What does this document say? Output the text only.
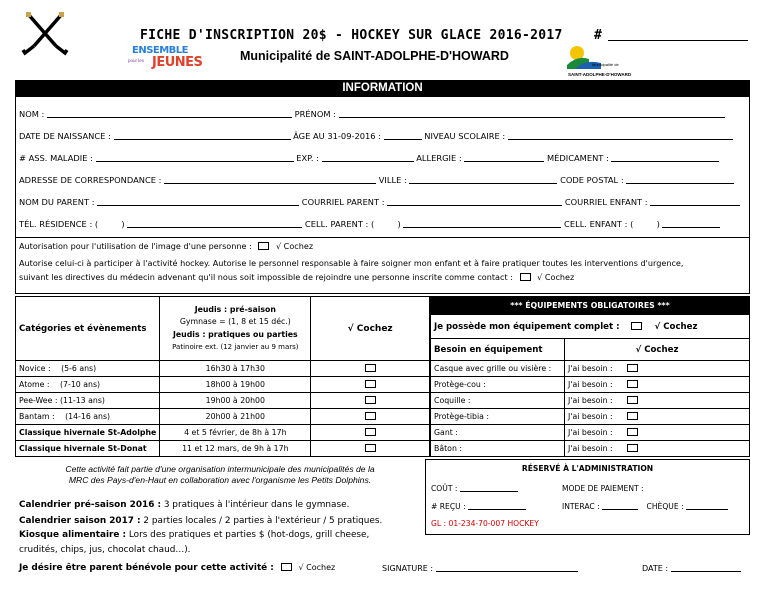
FICHE D'INSCRIPTION 20$ - HOCKEY SUR GLACE 2016-2017 #
ENSEMBLE
pour les JEUNES	Municipalité de SAINT-ADOLPHE-D'HOWARD
Municipalité de
SAINT-ADOLPHE-D'HOWARD
INFORMATION
NOM :	PRÉNOM :
DATE DE NAISSANCE :	ÂGE AU 31-09-2016 :	NIVEAU SCOLAIRE :
# ASS. MALADIE :	EXP. :	ALLERGIE :	MÉDICAMENT :
ADRESSE DE CORRESPONDANCE :	VILLE :	CODE POSTAL :
NOM DU PARENT :	COURRIEL PARENT :	COURRIEL ENFANT :
TÉL. RÉSIDENCE : (	)	CELL. PARENT : (	)	CELL. ENFANT : (	)
Autorisation pour l'utilisation de l'image d'une personne :	√ Cochez
Autorise celui-ci à participer à l'activité hockey. Autorise le personnel responsable à faire soigner mon enfant et à faire pratiquer toutes les interventions d'urgence,
suivant les directives du médecin advenant qu'il nous soit impossible de rejoindre une personne inscrite comme contact :	√ Cochez
Catégories et évènements	Jeudis : pré-saison
Gymnase = (1, 8 et 15 déc.)
Jeudis : pratiques ou parties
Patinoire ext. (12 janvier au 9 mars)	√ Cochez
Novice : (5-6 ans)	16h30 à 17h30	
Atome : (7-10 ans)	18h00 à 19h00	
Pee-Wee : (11-13 ans)	19h00 à 20h00	
Bantam : (14-16 ans)	20h00 à 21h00	
Classique hivernale St-Adolphe	4 et 5 février, de 8h à 17h	
Classique hivernale St-Donat	11 et 12 mars, de 9h à 17h	
*** ÉQUIPEMENTS OBLIGATOIRES ***	
Je possède mon équipement complet : √ Cochez	
Besoin en équipement	√ Cochez
Casque avec grille ou visière :	J'ai besoin :
Protège-cou :	J'ai besoin :
Coquille :	J'ai besoin :
Protège-tibia :	J'ai besoin :
Gant :	J'ai besoin :
Bâton :	J'ai besoin :
Cette activité fait partie d'une organisation intermunicipale des municipalités de la
MRC des Pays-d'en-Haut en collaboration avec l'organisme les Petits Dolphins.
RÉSERVÉ À L'ADMINISTRATION
COÛT :	MODE DE PAIEMENT :
# REÇU :	INTERAC :	CHÈQUE :
GL : 01-234-70-007 HOCKEY
Calendrier pré-saison 2016 : 3 pratiques à l'intérieur dans le gymnase.
Calendrier saison 2017 : 2 parties locales / 2 parties à l'extérieur / 5 pratiques.
Kiosque alimentaire : Lors des pratiques et parties $ (hot-dogs, grill cheese,
crudités, chips, jus, chocolat chaud…).
Je désire être parent bénévole pour cette activité :	√ Cochez	SIGNATURE :	DATE :
